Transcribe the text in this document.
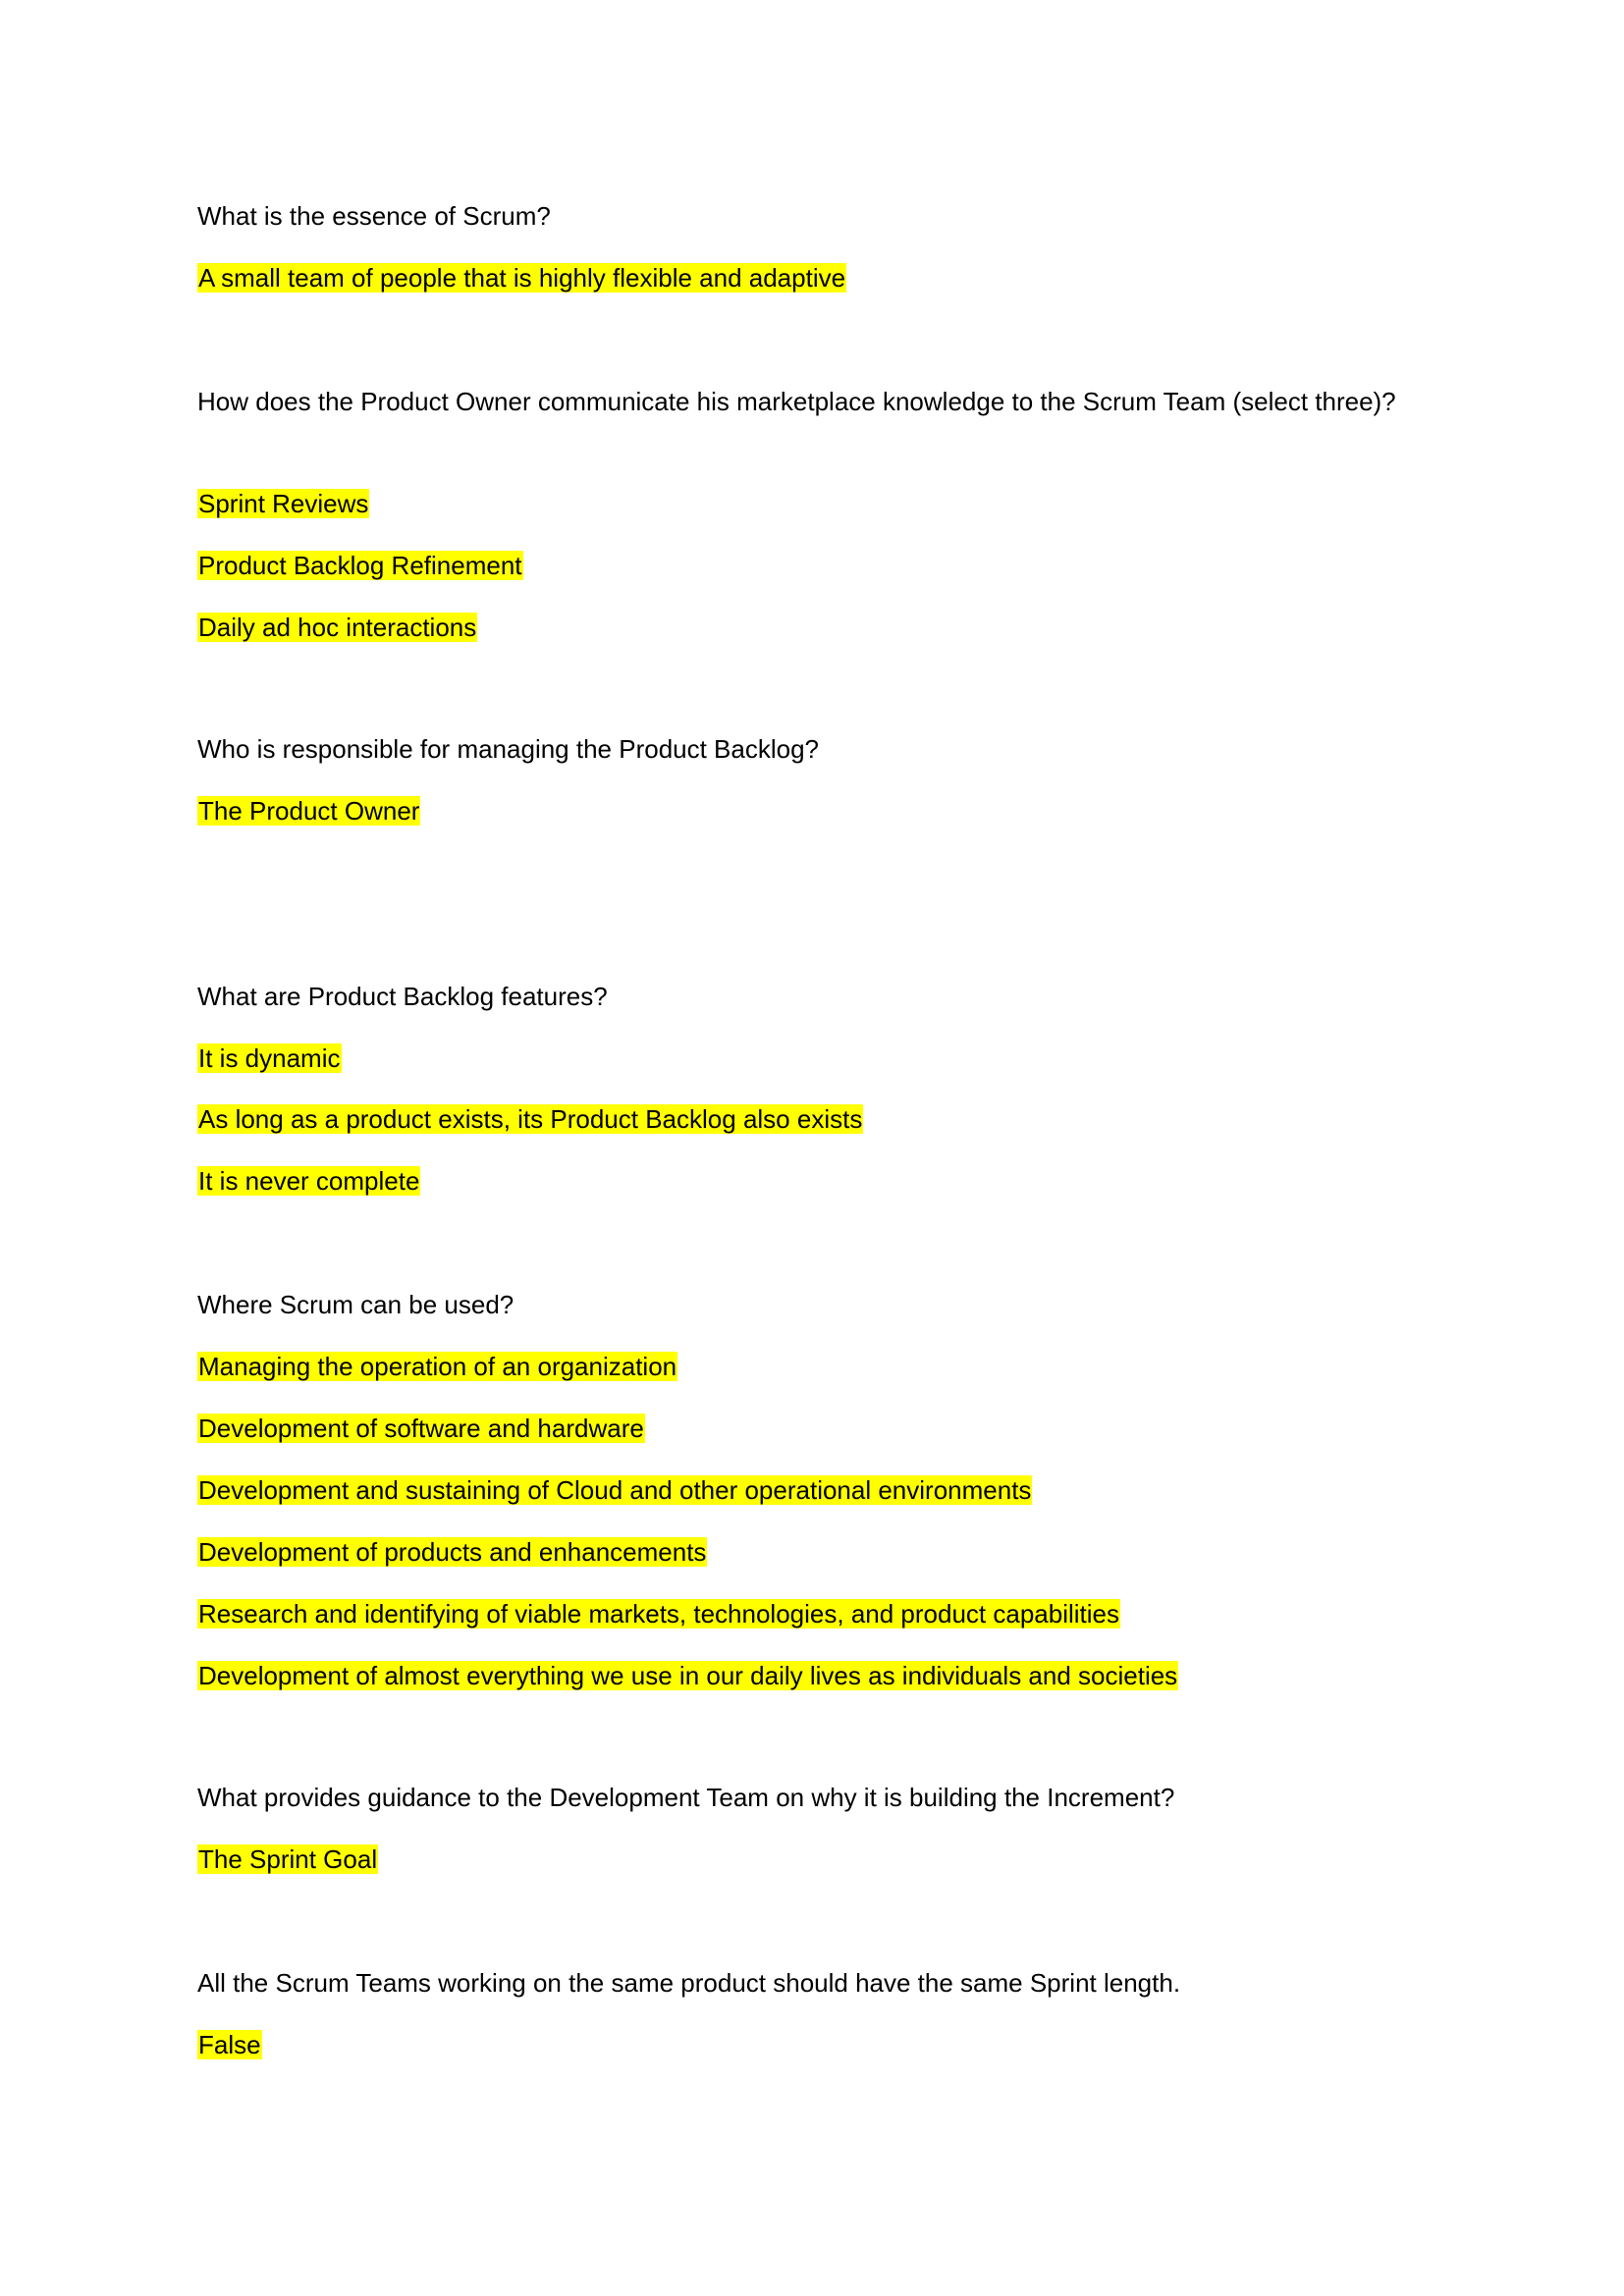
What is the essence of Scrum?
A small team of people that is highly flexible and adaptive
How does the Product Owner communicate his marketplace knowledge to the Scrum Team (select three)?
Sprint Reviews
Product Backlog Refinement
Daily ad hoc interactions
Who is responsible for managing the Product Backlog?
The Product Owner
What are Product Backlog features?
It is dynamic
As long as a product exists, its Product Backlog also exists
It is never complete
Where Scrum can be used?
Managing the operation of an organization
Development of software and hardware
Development and sustaining of Cloud and other operational environments
Development of products and enhancements
Research and identifying of viable markets, technologies, and product capabilities
Development of almost everything we use in our daily lives as individuals and societies
What provides guidance to the Development Team on why it is building the Increment?
The Sprint Goal
All the Scrum Teams working on the same product should have the same Sprint length.
False
